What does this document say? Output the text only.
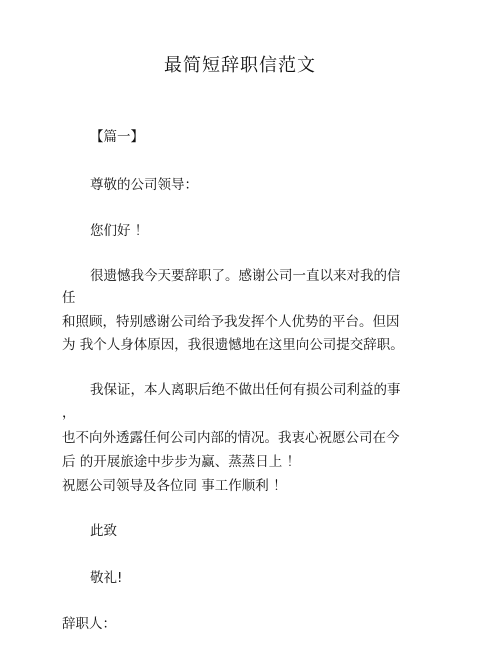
最简短辞职信范文
【篇一】
尊敬的公司领导：
您们好 ！
很遗憾我今天要辞职了。感谢公司一直以来对我的信
任
和照顾，特别感谢公司给予我发挥个人优势的平台。但因
为 我个人身体原因，我很遗憾地在这里向公司提交辞职。
我保证，本人离职后绝不做出任何有损公司利益的事
，
也不向外透露任何公司内部的情况。我衷心祝愿公司在今
后 的开展旅途中步步为赢、蒸蒸日上 ！
祝愿公司领导及各位同 事工作顺利 ！
此致
敬礼!
辞职人：
